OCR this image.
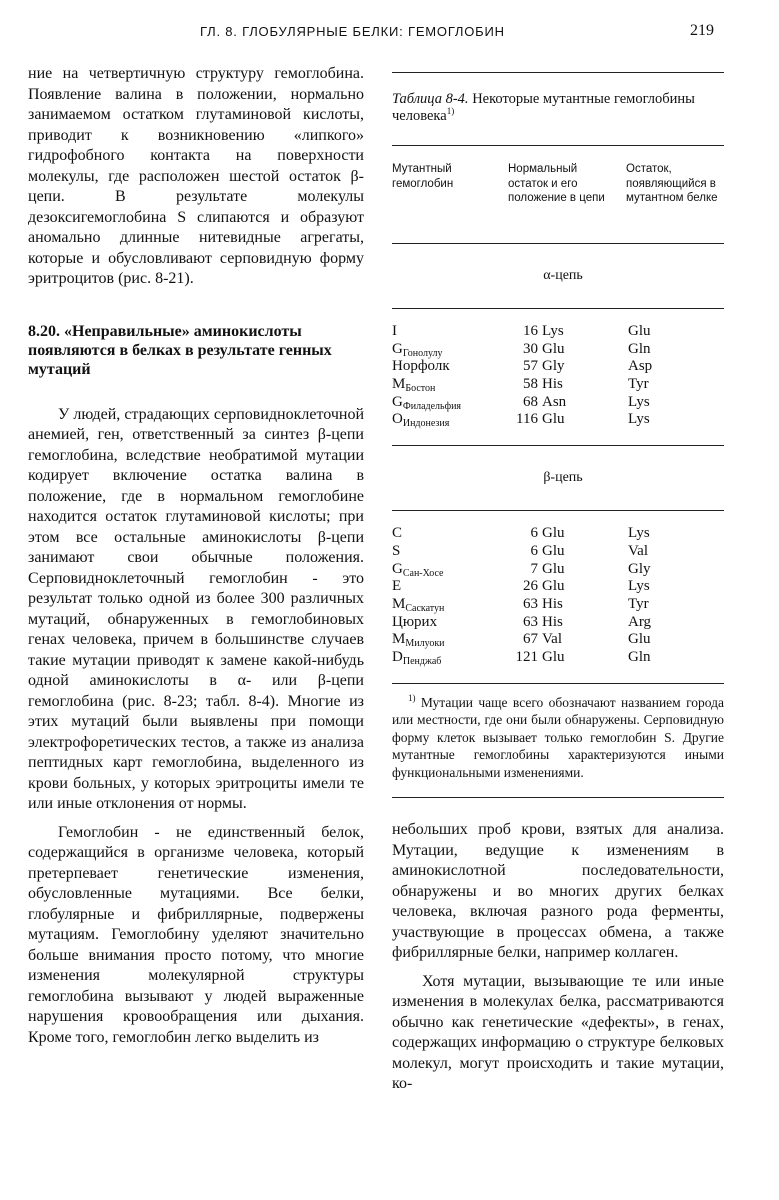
ГЛ. 8. ГЛОБУЛЯРНЫЕ БЕЛКИ: ГЕМОГЛОБИН	219

ние на четвертичную структуру гемоглобина. Появление валина в положении, нормально занимаемом остатком глутаминовой кислоты, приводит к возникновению «липкого» гидрофобного контакта на поверхности молекулы, где расположен шестой остаток β-цепи. В результате молекулы дезоксигемоглобина S слипаются и образуют аномально длинные нитевидные агрегаты, которые и обусловливают серповидную форму эритроцитов (рис. 8-21).

8.20. «Неправильные» аминокислоты появляются в белках в результате генных мутаций

У людей, страдающих серповидноклеточной анемией, ген, ответственный за синтез β-цепи гемоглобина, вследствие необратимой мутации кодирует включение остатка валина в положение, где в нормальном гемоглобине находится остаток глутаминовой кислоты; при этом все остальные аминокислоты β-цепи занимают свои обычные положения. Серповидноклеточный гемоглобин - это результат только одной из более 300 различных мутаций, обнаруженных в гемоглобиновых генах человека, причем в большинстве случаев такие мутации приводят к замене какой-нибудь одной аминокислоты в α- или β-цепи гемоглобина (рис. 8-23; табл. 8-4). Многие из этих мутаций были выявлены при помощи электрофоретических тестов, а также из анализа пептидных карт гемоглобина, выделенного из крови больных, у которых эритроциты имели те или иные отклонения от нормы.

Гемоглобин - не единственный белок, содержащийся в организме человека, который претерпевает генетические изменения, обусловленные мутациями. Все белки, глобулярные и фибриллярные, подвержены мутациям. Гемоглобину уделяют значительно больше внимания просто потому, что многие изменения молекулярной структуры гемоглобина вызывают у людей выраженные нарушения кровообращения или дыхания. Кроме того, гемоглобин легко выделить из

Таблица 8-4. Некоторые мутантные гемоглобины человека$^{1)}$
Мутантный гемоглобин
Нормальный остаток и его положение в цепи
Остаток, появляющийся в мутантном белке
α-цепь
I	16 Lys	Glu
$G_{Гонолулу}$	30 Glu	Gln
Норфолк	57 Gly	Asp
$M_{Бостон}$	58 His	Tyr
$G_{Филадельфия}$	68 Asn	Lys
$O_{Индонезия}$	116 Glu	Lys
β-цепь
C	6 Glu	Lys
S	6 Glu	Val
$G_{Сан-Хосе}$	7 Glu	Gly
E	26 Glu	Lys
$M_{Саскатун}$	63 His	Tyr
Цюрих	63 His	Arg
$M_{Милуоки}$	67 Val	Glu
$D_{Пенджаб}$	121 Glu	Gln
$^{1)}$ Мутации чаще всего обозначают названием города или местности, где они были обнаружены. Серповидную форму клеток вызывает только гемоглобин S. Другие мутантные гемоглобины характеризуются иными функциональными изменениями.

небольших проб крови, взятых для анализа. Мутации, ведущие к изменениям в аминокислотной последовательности, обнаружены и во многих других белках человека, включая разного рода ферменты, участвующие в процессах обмена, а также фибриллярные белки, например коллаген.

Хотя мутации, вызывающие те или иные изменения в молекулах белка, рассматриваются обычно как генетические «дефекты», в генах, содержащих информацию о структуре белковых молекул, могут происходить и такие мутации, ко-
